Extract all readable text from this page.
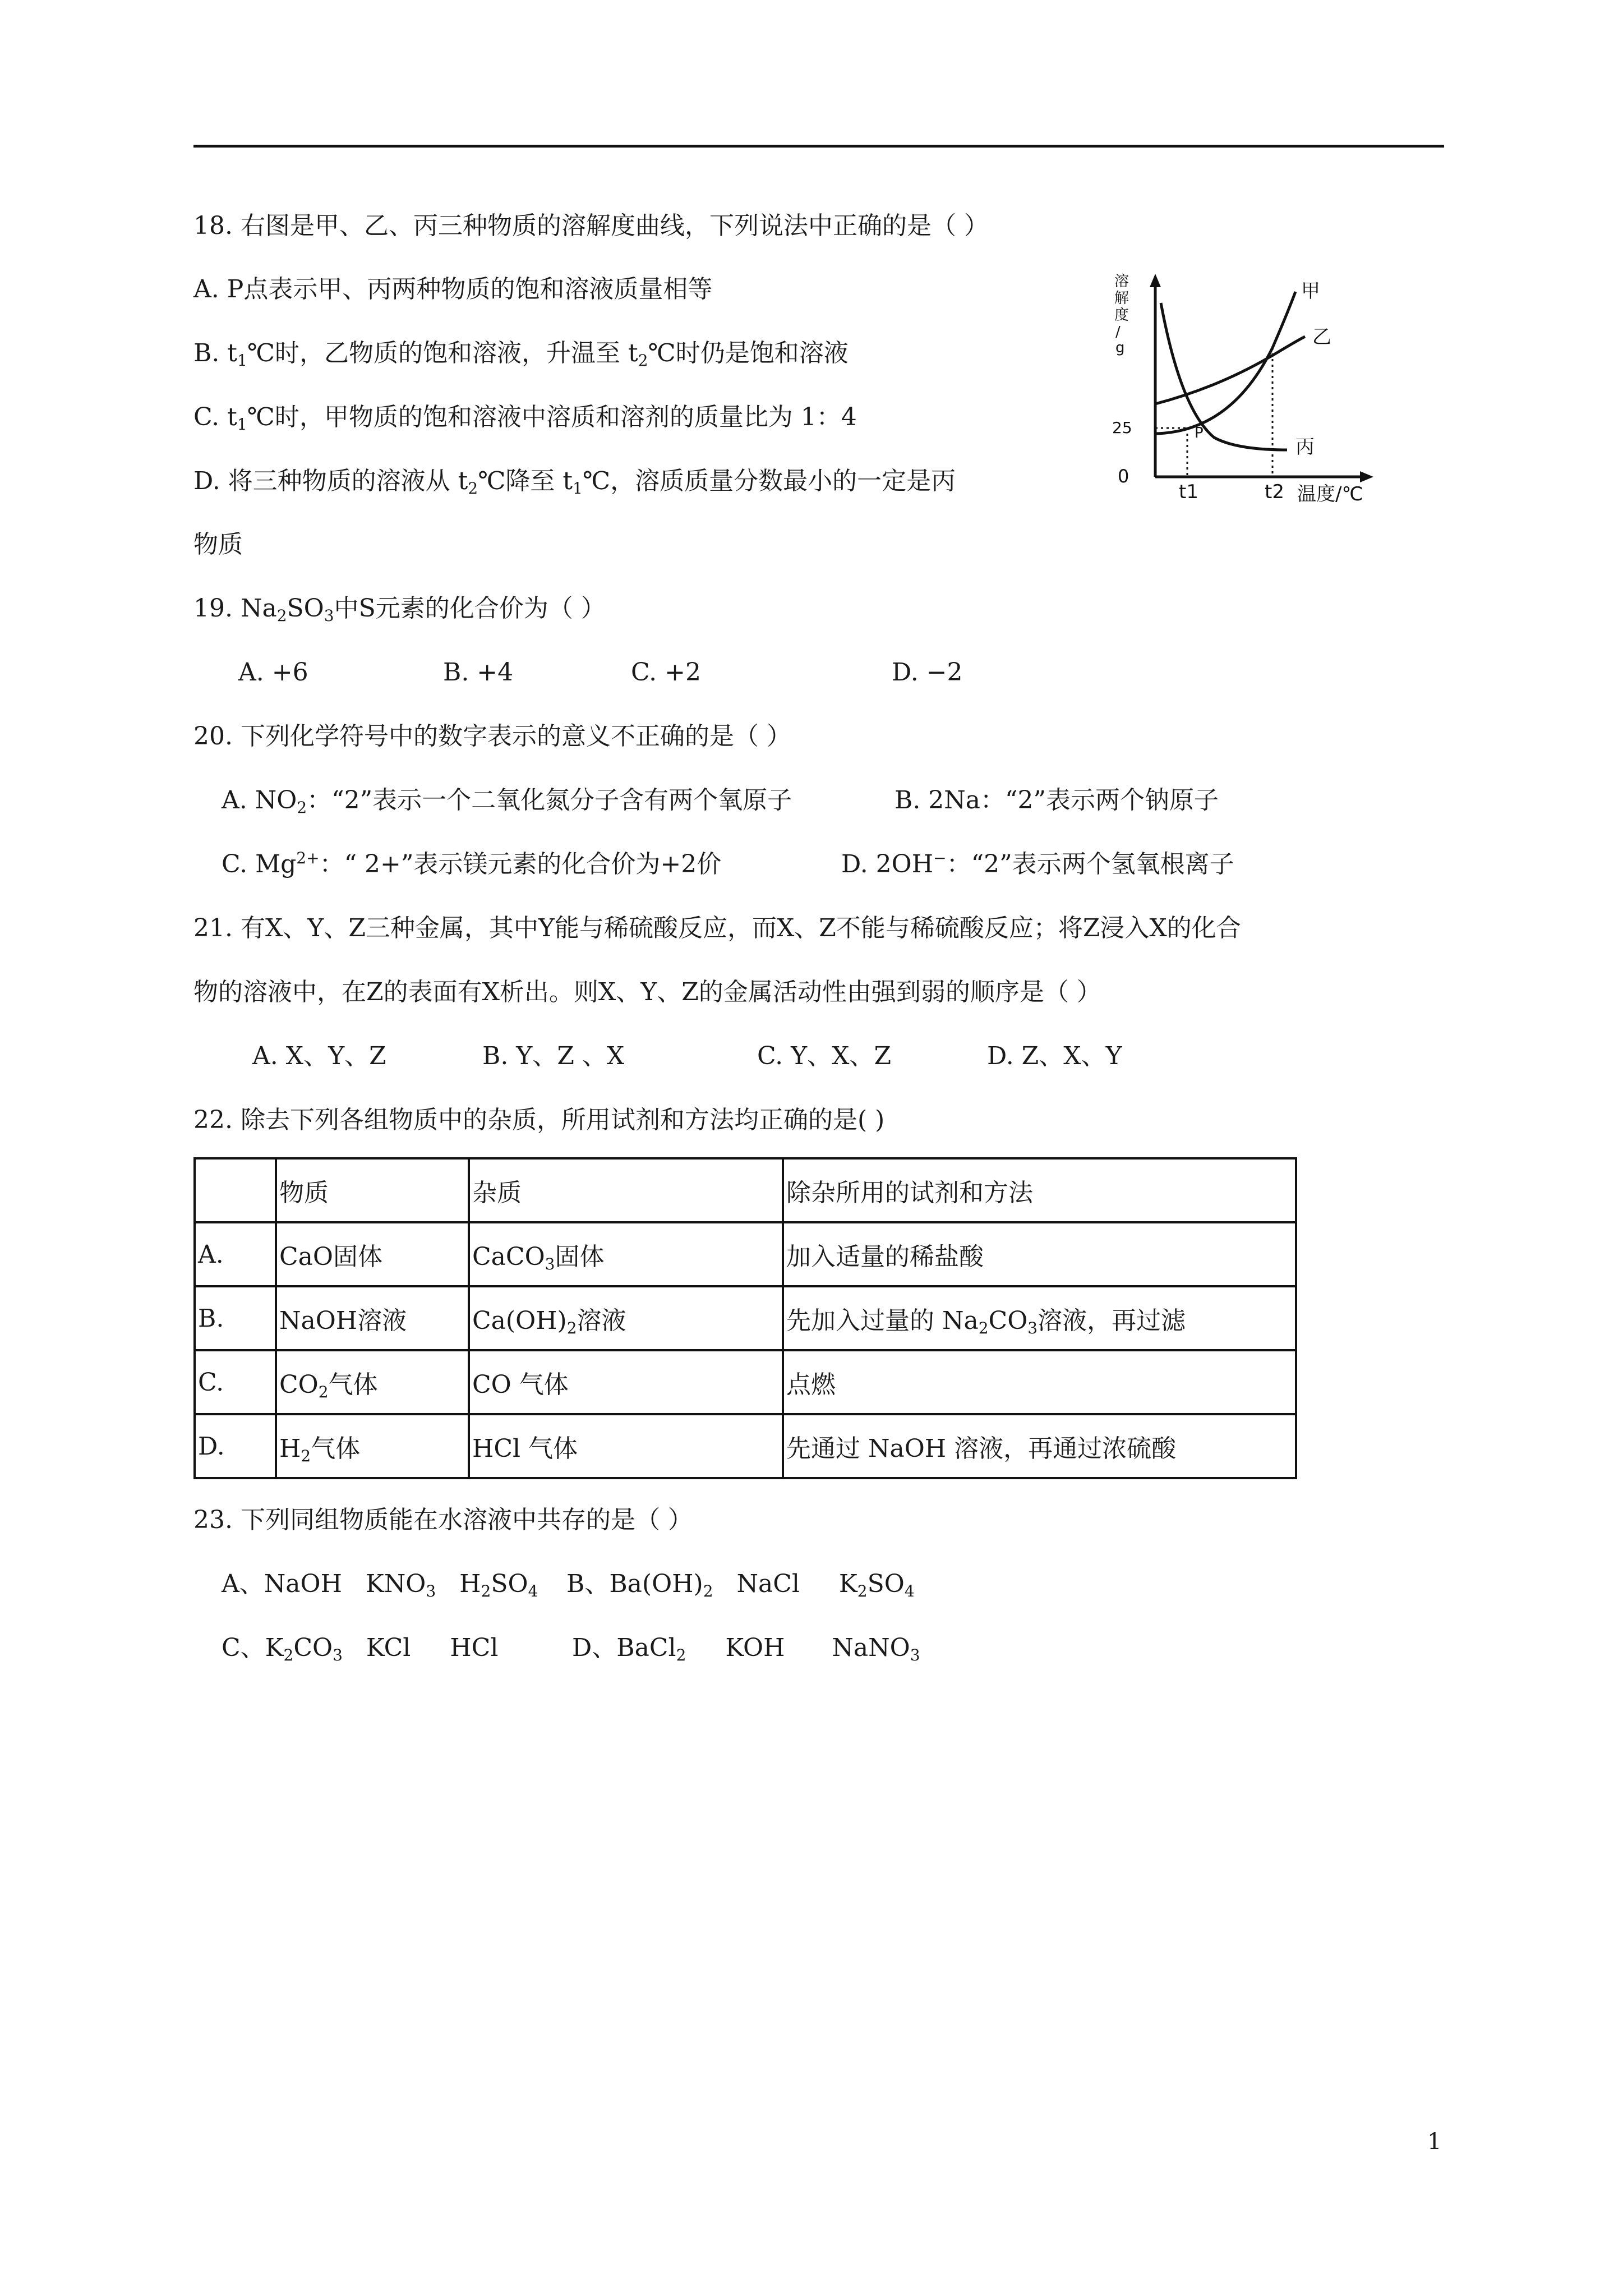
18. 右图是甲、乙、丙三种物质的溶解度曲线，下列说法中正确的是（ ）
A. P点表示甲、丙两种物质的饱和溶液质量相等
B. $t_1℃$时，乙物质的饱和溶液，升温至 $t_2℃$时仍是饱和溶液
C. $t_1℃$时，甲物质的饱和溶液中溶质和溶剂的质量比为 1：4
D. 将三种物质的溶液从 $t_2℃$降至 $t_1℃$，溶质质量分数最小的一定是丙
物质
溶
解
度
/
g
0
25
t1	t2 温度/℃
甲
乙
丙
P
19. $Na_2SO_3$中S元素的化合价为（ ）
A. +6	B. +4	C. +2	D. −2
20. 下列化学符号中的数字表示的意义不正确的是（ ）
A. $NO_2$：“2”表示一个二氧化氮分子含有两个氧原子	B. 2Na：“2”表示两个钠原子
C. $Mg^{2+}$：“ 2+”表示镁元素的化合价为+2价	D. 2OH−：“2”表示两个氢氧根离子
21. 有X、Y、Z三种金属，其中Y能与稀硫酸反应，而X、Z不能与稀硫酸反应；将Z浸入X的化合
物的溶液中，在Z的表面有X析出。则X、Y、Z的金属活动性由强到弱的顺序是（ ）
A. X、Y、Z	B. Y、Z 、X	C. Y、X、Z	D. Z、X、Y
22. 除去下列各组物质中的杂质，所用试剂和方法均正确的是( )
	物质	杂质	除杂所用的试剂和方法
A.	CaO固体	CaCO$_3$固体	加入适量的稀盐酸
B.	NaOH溶液	$Ca(OH)_2$溶液	先加入过量的 $Na_2CO_3$溶液，再过滤
C.	$CO_2$气体	CO 气体	点燃
D.	$H_2$气体	HCl 气体	先通过 NaOH 溶液，再通过浓硫酸
23. 下列同组物质能在水溶液中共存的是（ ）
A、NaOH $KNO_3$ $H_2SO_4$ B、$Ba(OH)_2$ NaCl $K_2SO_4$
C、$K_2CO_3$ KCl HCl	D、BaCl$_2$ KOH NaNO$_3$
1
